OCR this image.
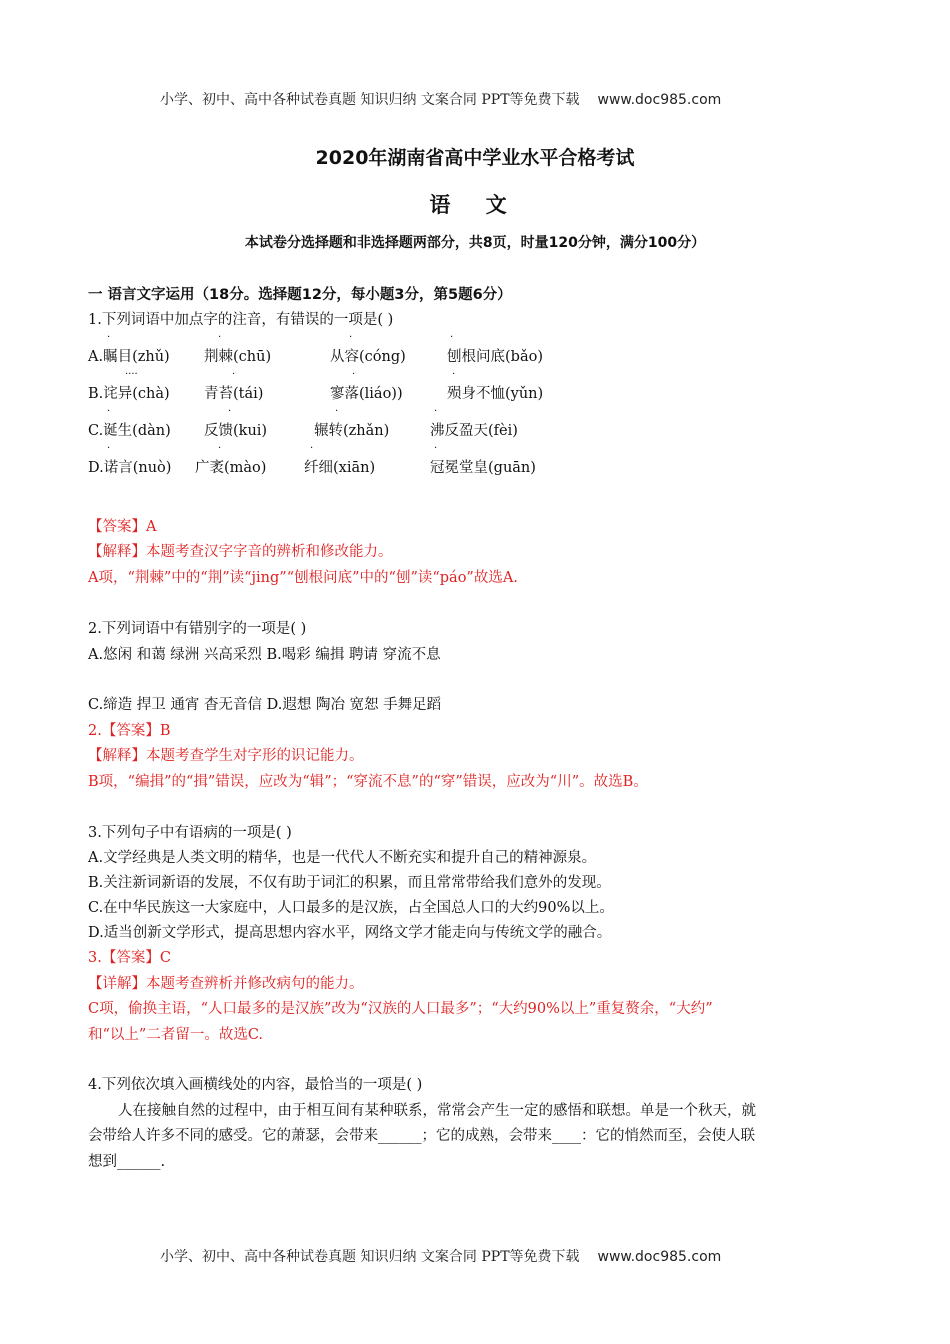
小学、初中、高中各种试卷真题 知识归纳 文案合同 PPT等免费下载 www.doc985.com
2020年湖南省高中学业水平合格考试
语 文
本试卷分选择题和非选择题两部分，共8页，时量120分钟，满分100分）
一 语言文字运用（18分。选择题12分，每小题3分，第5题6分）
1.下列词语中加点字的注音，有错误的一项是( )
·	·	·	·
A.瞩目(zhǔ) 荆棘(chū)	从容(cóng)	刨根问底(bǎo)
····	·	·	·
B.诧异(chà) 青苔(tái)	寥落(liáo))	殒身不恤(yǔn)
·	·	·	·
C.诞生(dàn) 反馈(kui)	辗转(zhǎn)	沸反盈天(fèi)
·	·	·	·
D.诺言(nuò) 广袤(mào)	纤细(xiān)	冠冕堂皇(guān)
【答案】A
【解释】本题考查汉字字音的辨析和修改能力。
A项，“荆棘”中的“荆”读“jing”“刨根问底”中的“刨”读“páo”故选A.
2.下列词语中有错别字的一项是( )
A.悠闲 和蔼 绿洲 兴高采烈 B.喝彩 编揖 聘请 穿流不息
C.缔造 捍卫 通宵 杳无音信 D.遐想 陶冶 宽恕 手舞足蹈
2.【答案】B
【解释】本题考查学生对字形的识记能力。
B项，“编揖”的“揖”错误，应改为“辑”；“穿流不息”的“穿”错误，应改为“川”。故选B。
3.下列句子中有语病的一项是( )
A.文学经典是人类文明的精华，也是一代代人不断充实和提升自己的精神源泉。
B.关注新词新语的发展，不仅有助于词汇的积累，而且常常带给我们意外的发现。
C.在中华民族这一大家庭中，人口最多的是汉族，占全国总人口的大约90%以上。
D.适当创新文学形式，提高思想内容水平，网络文学才能走向与传统文学的融合。
3.【答案】C
【详解】本题考查辨析并修改病句的能力。
C项，偷换主语，“人口最多的是汉族”改为“汉族的人口最多”；“大约90%以上”重复赘余，“大约”
和“以上”二者留一。故选C.
4.下列依次填入画横线处的内容，最恰当的一项是( )
人在接触自然的过程中，由于相互间有某种联系，常常会产生一定的感悟和联想。单是一个秋天，就
会带给人许多不同的感受。它的萧瑟，会带来______；它的成熟，会带来____：它的悄然而至，会使人联
想到______.
小学、初中、高中各种试卷真题 知识归纳 文案合同 PPT等免费下载 www.doc985.com
